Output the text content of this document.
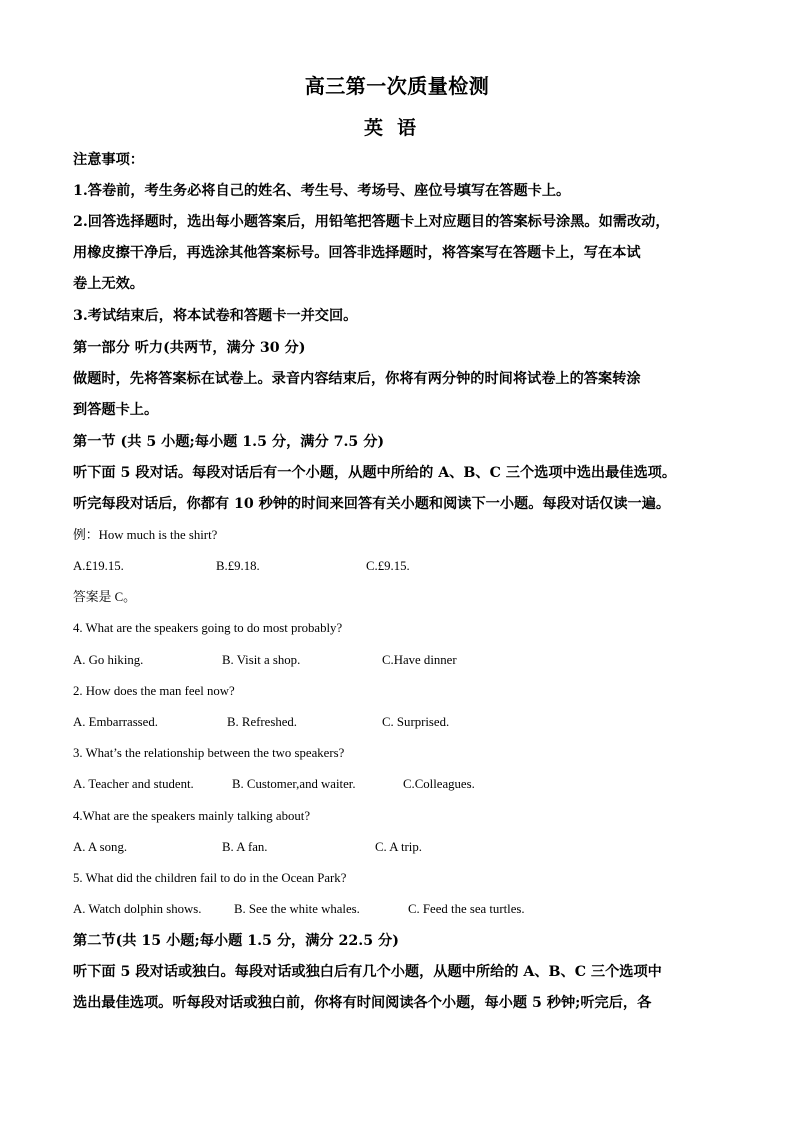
高三第一次质量检测
英语
注意事项：
1.答卷前，考生务必将自己的姓名、考生号、考场号、座位号填写在答题卡上。
2.回答选择题时，选出每小题答案后，用铅笔把答题卡上对应题目的答案标号涂黑。如需改动，
用橡皮擦干净后，再选涂其他答案标号。回答非选择题时，将答案写在答题卡上，写在本试
卷上无效。
3.考试结束后，将本试卷和答题卡一并交回。
第一部分 听力(共两节，满分 30 分)
做题时，先将答案标在试卷上。录音内容结束后，你将有两分钟的时间将试卷上的答案转涂
到答题卡上。
第一节 (共 5 小题;每小题 1.5 分，满分 7.5 分)
听下面 5 段对话。每段对话后有一个小题，从题中所给的 A、B、C 三个选项中选出最佳选项。
听完每段对话后，你都有 10 秒钟的时间来回答有关小题和阅读下一小题。每段对话仅读一遍。
例：How much is the shirt?
A.£19.15.	B.£9.18.	C.£9.15.
答案是 C。
4. What are the speakers going to do most probably?
A. Go hiking.	B. Visit a shop.	C.Have dinner
2. How does the man feel now?
A. Embarrassed.	B. Refreshed.	C. Surprised.
3. What’s the relationship between the two speakers?
A. Teacher and student.	B. Customer,and waiter.	C.Colleagues.
4.What are the speakers mainly talking about?
A. A song.	B. A fan.	C. A trip.
5. What did the children fail to do in the Ocean Park?
A. Watch dolphin shows.	B. See the white whales.	C. Feed the sea turtles.
第二节(共 15 小题;每小题 1.5 分，满分 22.5 分)
听下面 5 段对话或独白。每段对话或独白后有几个小题，从题中所给的 A、B、C 三个选项中
选出最佳选项。听每段对话或独白前，你将有时间阅读各个小题，每小题 5 秒钟;听完后，各
